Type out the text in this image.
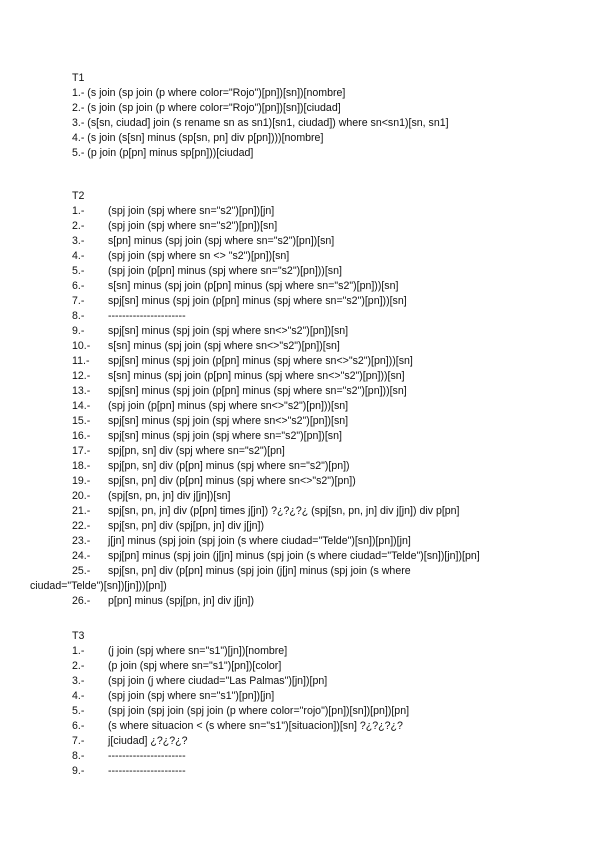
T1
1.- (s join (sp join (p where color="Rojo")[pn])[sn])[nombre]
2.- (s join (sp join (p where color="Rojo")[pn])[sn])[ciudad]
3.- (s[sn, ciudad] join (s rename sn as sn1)[sn1, ciudad]) where sn<sn1)[sn, sn1]
4.- (s join (s[sn] minus (sp[sn, pn] div p[pn])))[nombre]
5.- (p join (p[pn] minus sp[pn]))[ciudad]
T2
1.- (spj join (spj where sn="s2")[pn])[jn]
2.- (spj join (spj where sn="s2")[pn])[sn]
3.- s[pn] minus (spj join (spj where sn="s2")[pn])[sn]
4.- (spj join (spj where sn <> "s2")[pn])[sn]
5.- (spj join (p[pn] minus (spj where sn="s2")[pn]))[sn]
6.- s[sn] minus (spj join (p[pn] minus (spj where sn="s2")[pn]))[sn]
7.- spj[sn] minus (spj join (p[pn] minus (spj where sn="s2")[pn]))[sn]
8.- ----------------------
9.- spj[sn] minus (spj join (spj where sn<>"s2")[pn])[sn]
10.- s[sn] minus (spj join (spj where sn<>"s2")[pn])[sn]
11.- spj[sn] minus (spj join (p[pn] minus (spj where sn<>"s2")[pn]))[sn]
12.- s[sn] minus (spj join (p[pn] minus (spj where sn<>"s2")[pn]))[sn]
13.- spj[sn] minus (spj join (p[pn] minus (spj where sn="s2")[pn]))[sn]
14.- (spj join (p[pn] minus (spj where sn<>"s2")[pn]))[sn]
15.- spj[sn] minus (spj join (spj where sn<>"s2")[pn])[sn]
16.- spj[sn] minus (spj join (spj where sn="s2")[pn])[sn]
17.- spj[pn, sn] div (spj where sn="s2")[pn]
18.- spj[pn, sn] div (p[pn] minus (spj where sn="s2")[pn])
19.- spj[sn, pn] div (p[pn] minus (spj where sn<>"s2")[pn])
20.- (spj[sn, pn, jn] div j[jn])[sn]
21.- spj[sn, pn, jn] div (p[pn] times j[jn]) ?¿?¿?¿ (spj[sn, pn, jn] div j[jn]) div p[pn]
22.- spj[sn, pn] div (spj[pn, jn] div j[jn])
23.- j[jn] minus (spj join (spj join (s where ciudad="Telde")[sn])[pn])[jn]
24.- spj[pn] minus (spj join (j[jn] minus (spj join (s where ciudad="Telde")[sn])[jn])[pn]
25.- spj[sn, pn] div (p[pn] minus (spj join (j[jn] minus (spj join (s where
ciudad="Telde")[sn])[jn]))[pn])
26.- p[pn] minus (spj[pn, jn] div j[jn])
T3
1.- (j join (spj where sn="s1")[jn])[nombre]
2.- (p join (spj where sn="s1")[pn])[color]
3.- (spj join (j where ciudad="Las Palmas")[jn])[pn]
4.- (spj join (spj where sn="s1")[pn])[jn]
5.- (spj join (spj join (spj join (p where color="rojo")[pn])[sn])[pn])[pn]
6.- (s where situacion < (s where sn="s1")[situacion])[sn] ?¿?¿?¿?
7.- j[ciudad] ¿?¿?¿?
8.- ----------------------
9.- ----------------------
